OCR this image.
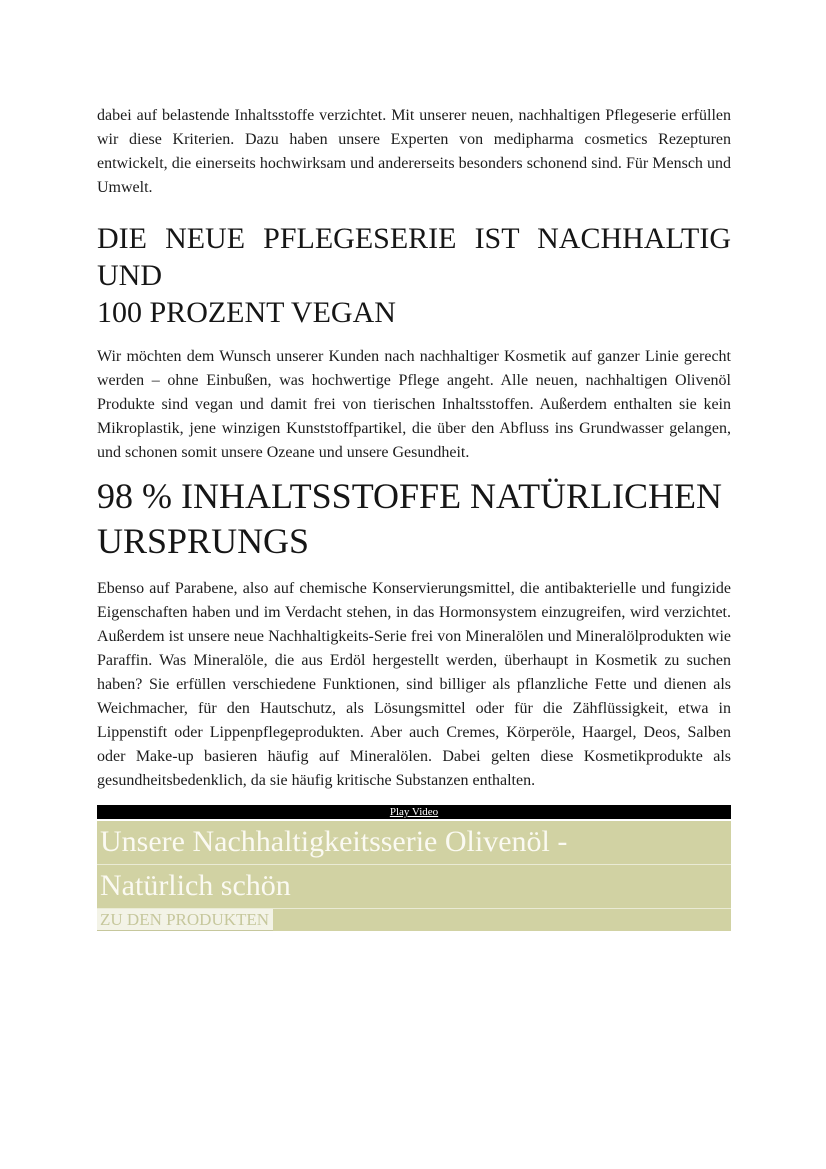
dabei auf belastende Inhaltsstoffe verzichtet. Mit unserer neuen, nachhaltigen Pflegeserie erfüllen wir diese Kriterien. Dazu haben unsere Experten von medipharma cosmetics Rezepturen entwickelt, die einerseits hochwirksam und andererseits besonders schonend sind. Für Mensch und Umwelt.

DIE NEUE PFLEGESERIE IST NACHHALTIG
UND
100 PROZENT VEGAN

Wir möchten dem Wunsch unserer Kunden nach nachhaltiger Kosmetik auf ganzer Linie gerecht werden – ohne Einbußen, was hochwertige Pflege angeht. Alle neuen, nachhaltigen Olivenöl Produkte sind vegan und damit frei von tierischen Inhaltsstoffen. Außerdem enthalten sie kein Mikroplastik, jene winzigen Kunststoffpartikel, die über den Abfluss ins Grundwasser gelangen, und schonen somit unsere Ozeane und unsere Gesundheit.

98 % INHALTSSTOFFE NATÜRLICHEN
URSPRUNGS

Ebenso auf Parabene, also auf chemische Konservierungsmittel, die antibakterielle und fungizide Eigenschaften haben und im Verdacht stehen, in das Hormonsystem einzugreifen, wird verzichtet. Außerdem ist unsere neue Nachhaltigkeits-Serie frei von Mineralölen und Mineralölprodukten wie Paraffin. Was Mineralöle, die aus Erdöl hergestellt werden, überhaupt in Kosmetik zu suchen haben? Sie erfüllen verschiedene Funktionen, sind billiger als pflanzliche Fette und dienen als Weichmacher, für den Hautschutz, als Lösungsmittel oder für die Zähflüssigkeit, etwa in Lippenstift oder Lippenpflegeprodukten. Aber auch Cremes, Körperöle, Haargel, Deos, Salben oder Make-up basieren häufig auf Mineralölen. Dabei gelten diese Kosmetikprodukte als gesundheitsbedenklich, da sie häufig kritische Substanzen enthalten.

Play Video
Unsere Nachhaltigkeitsserie Olivenöl -
Natürlich schön
ZU DEN PRODUKTEN
